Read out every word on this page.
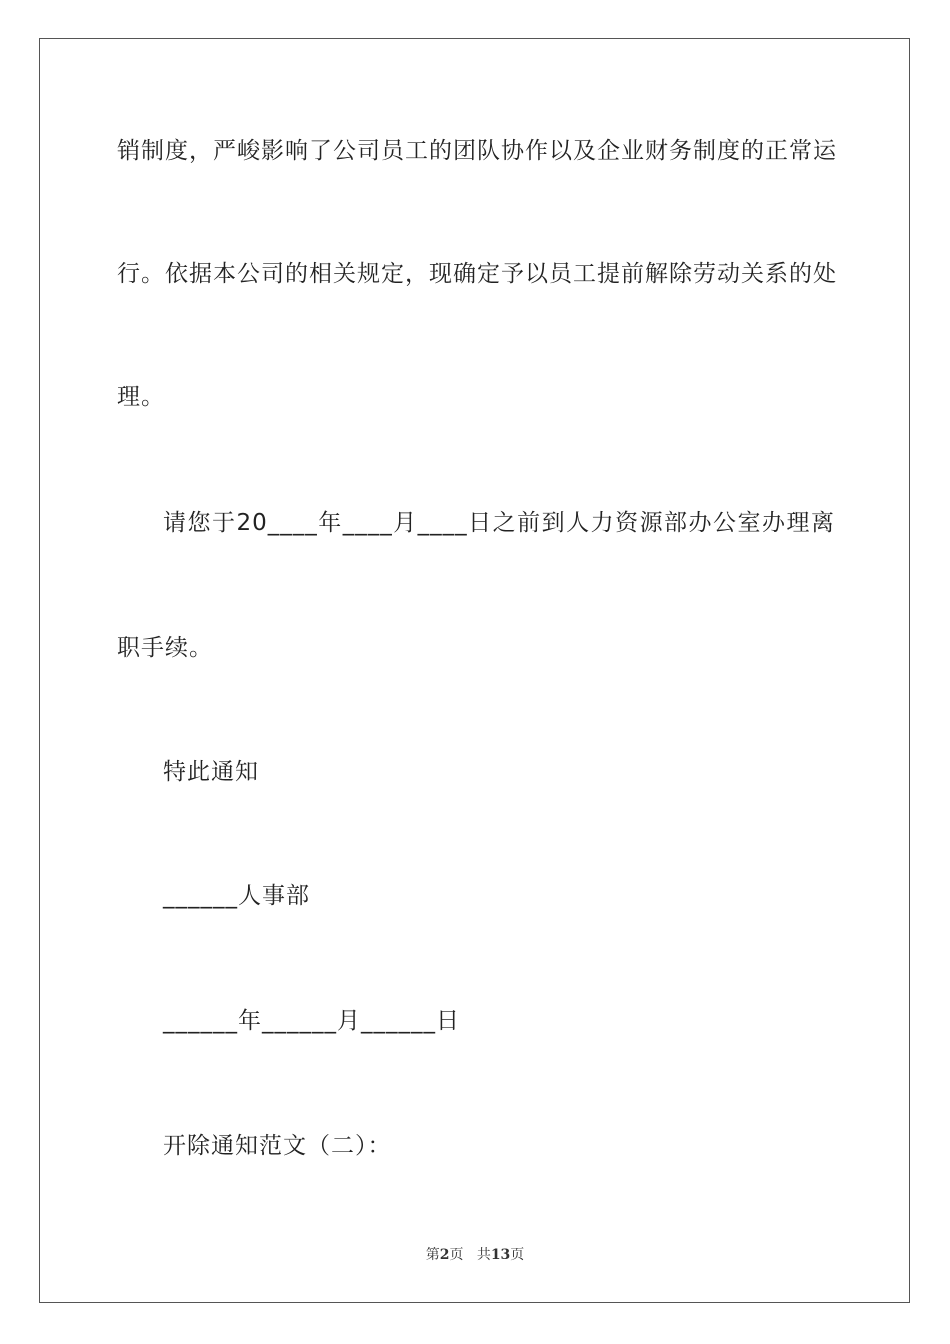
销制度，严峻影响了公司员工的团队协作以及企业财务制度的正常运
行。依据本公司的相关规定，现确定予以员工提前解除劳动关系的处
理。
请您于20____年____月____日之前到人力资源部办公室办理离
职手续。
特此通知
______人事部
______年______月______日
开除通知范文（二）：
第2页 共13页
